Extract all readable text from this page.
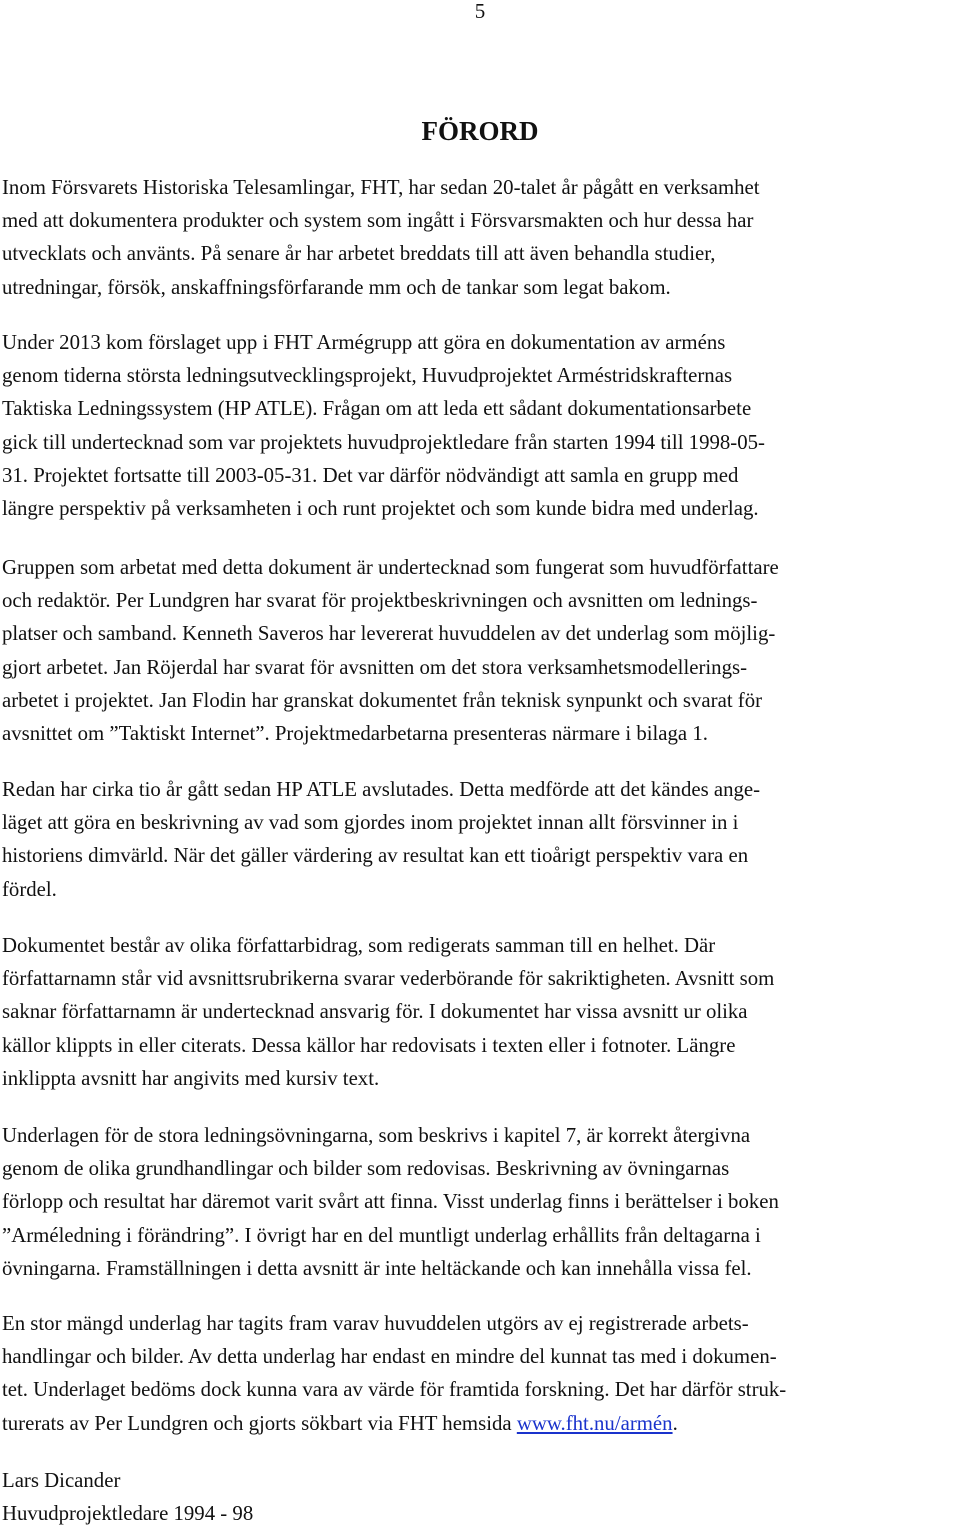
5
FÖRORD
Inom Försvarets Historiska Telesamlingar, FHT, har sedan 20-talet år pågått en verksamhet
med att dokumentera produkter och system som ingått i Försvarsmakten och hur dessa har
utvecklats och använts. På senare år har arbetet breddats till att även behandla studier,
utredningar, försök, anskaffningsförfarande mm och de tankar som legat bakom.
Under 2013 kom förslaget upp i FHT Armégrupp att göra en dokumentation av arméns
genom tiderna största ledningsutvecklingsprojekt, Huvudprojektet Arméstridskrafternas
Taktiska Ledningssystem (HP ATLE). Frågan om att leda ett sådant dokumentationsarbete
gick till undertecknad som var projektets huvudprojektledare från starten 1994 till 1998-05-
31. Projektet fortsatte till 2003-05-31. Det var därför nödvändigt att samla en grupp med
längre perspektiv på verksamheten i och runt projektet och som kunde bidra med underlag.
Gruppen som arbetat med detta dokument är undertecknad som fungerat som huvudförfattare
och redaktör. Per Lundgren har svarat för projektbeskrivningen och avsnitten om lednings-
platser och samband. Kenneth Saveros har levererat huvuddelen av det underlag som möjlig-
gjort arbetet. Jan Röjerdal har svarat för avsnitten om det stora verksamhetsmodellerings-
arbetet i projektet. Jan Flodin har granskat dokumentet från teknisk synpunkt och svarat för
avsnittet om ”Taktiskt Internet”. Projektmedarbetarna presenteras närmare i bilaga 1.
Redan har cirka tio år gått sedan HP ATLE avslutades. Detta medförde att det kändes ange-
läget att göra en beskrivning av vad som gjordes inom projektet innan allt försvinner in i
historiens dimvärld. När det gäller värdering av resultat kan ett tioårigt perspektiv vara en
fördel.
Dokumentet består av olika författarbidrag, som redigerats samman till en helhet. Där
författarnamn står vid avsnittsrubrikerna svarar vederbörande för sakriktigheten. Avsnitt som
saknar författarnamn är undertecknad ansvarig för. I dokumentet har vissa avsnitt ur olika
källor klippts in eller citerats. Dessa källor har redovisats i texten eller i fotnoter. Längre
inklippta avsnitt har angivits med kursiv text.
Underlagen för de stora ledningsövningarna, som beskrivs i kapitel 7, är korrekt återgivna
genom de olika grundhandlingar och bilder som redovisas. Beskrivning av övningarnas
förlopp och resultat har däremot varit svårt att finna. Visst underlag finns i berättelser i boken
”Arméledning i förändring”. I övrigt har en del muntligt underlag erhållits från deltagarna i
övningarna. Framställningen i detta avsnitt är inte heltäckande och kan innehålla vissa fel.
En stor mängd underlag har tagits fram varav huvuddelen utgörs av ej registrerade arbets-
handlingar och bilder. Av detta underlag har endast en mindre del kunnat tas med i dokumen-
tet. Underlaget bedöms dock kunna vara av värde för framtida forskning. Det har därför struk-
turerats av Per Lundgren och gjorts sökbart via FHT hemsida www.fht.nu/armén.
Lars Dicander
Huvudprojektledare 1994 - 98
